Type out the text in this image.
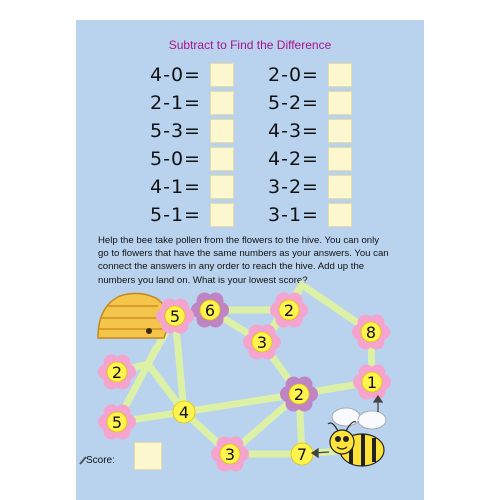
Subtract to Find the Difference
4-0=
2-1=
5-3=
5-0=
4-1=
5-1=
2-0=
5-2=
4-3=
4-2=
3-2=
3-1=

Help the bee take pollen from the flowers to the hive. You can only

go to flowers that have the same numbers as your answers. You can

connect the answers in any order to reach the hive. Add up the

numbers you land on. What is your lowest score?

6	2
8
5
3
2
1
2
4
5
3	7
Score:
